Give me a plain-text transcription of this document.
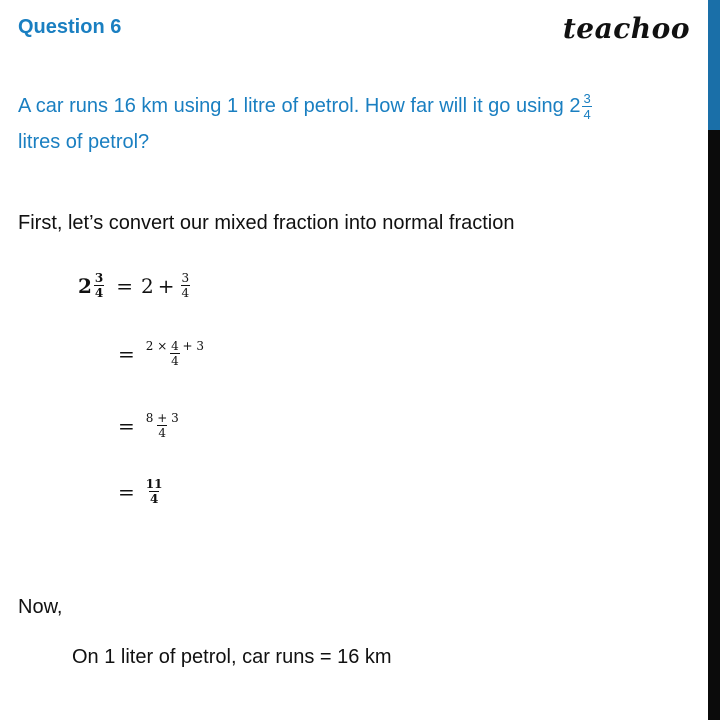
Question 6	teachoo
A car runs 16 km using 1 litre of petrol. How far will it go using $2 \frac{3}{4}$
litres of petrol?
First, let’s convert our mixed fraction into normal fraction
$2 \frac{3}{4} = 2 + \frac{3}{4}$
= $\frac{2 \times 4 + 3}{4}$
= $\frac{8 + 3}{4}$
= $\frac{11}{4}$
Now,
On 1 liter of petrol, car runs = 16 km
